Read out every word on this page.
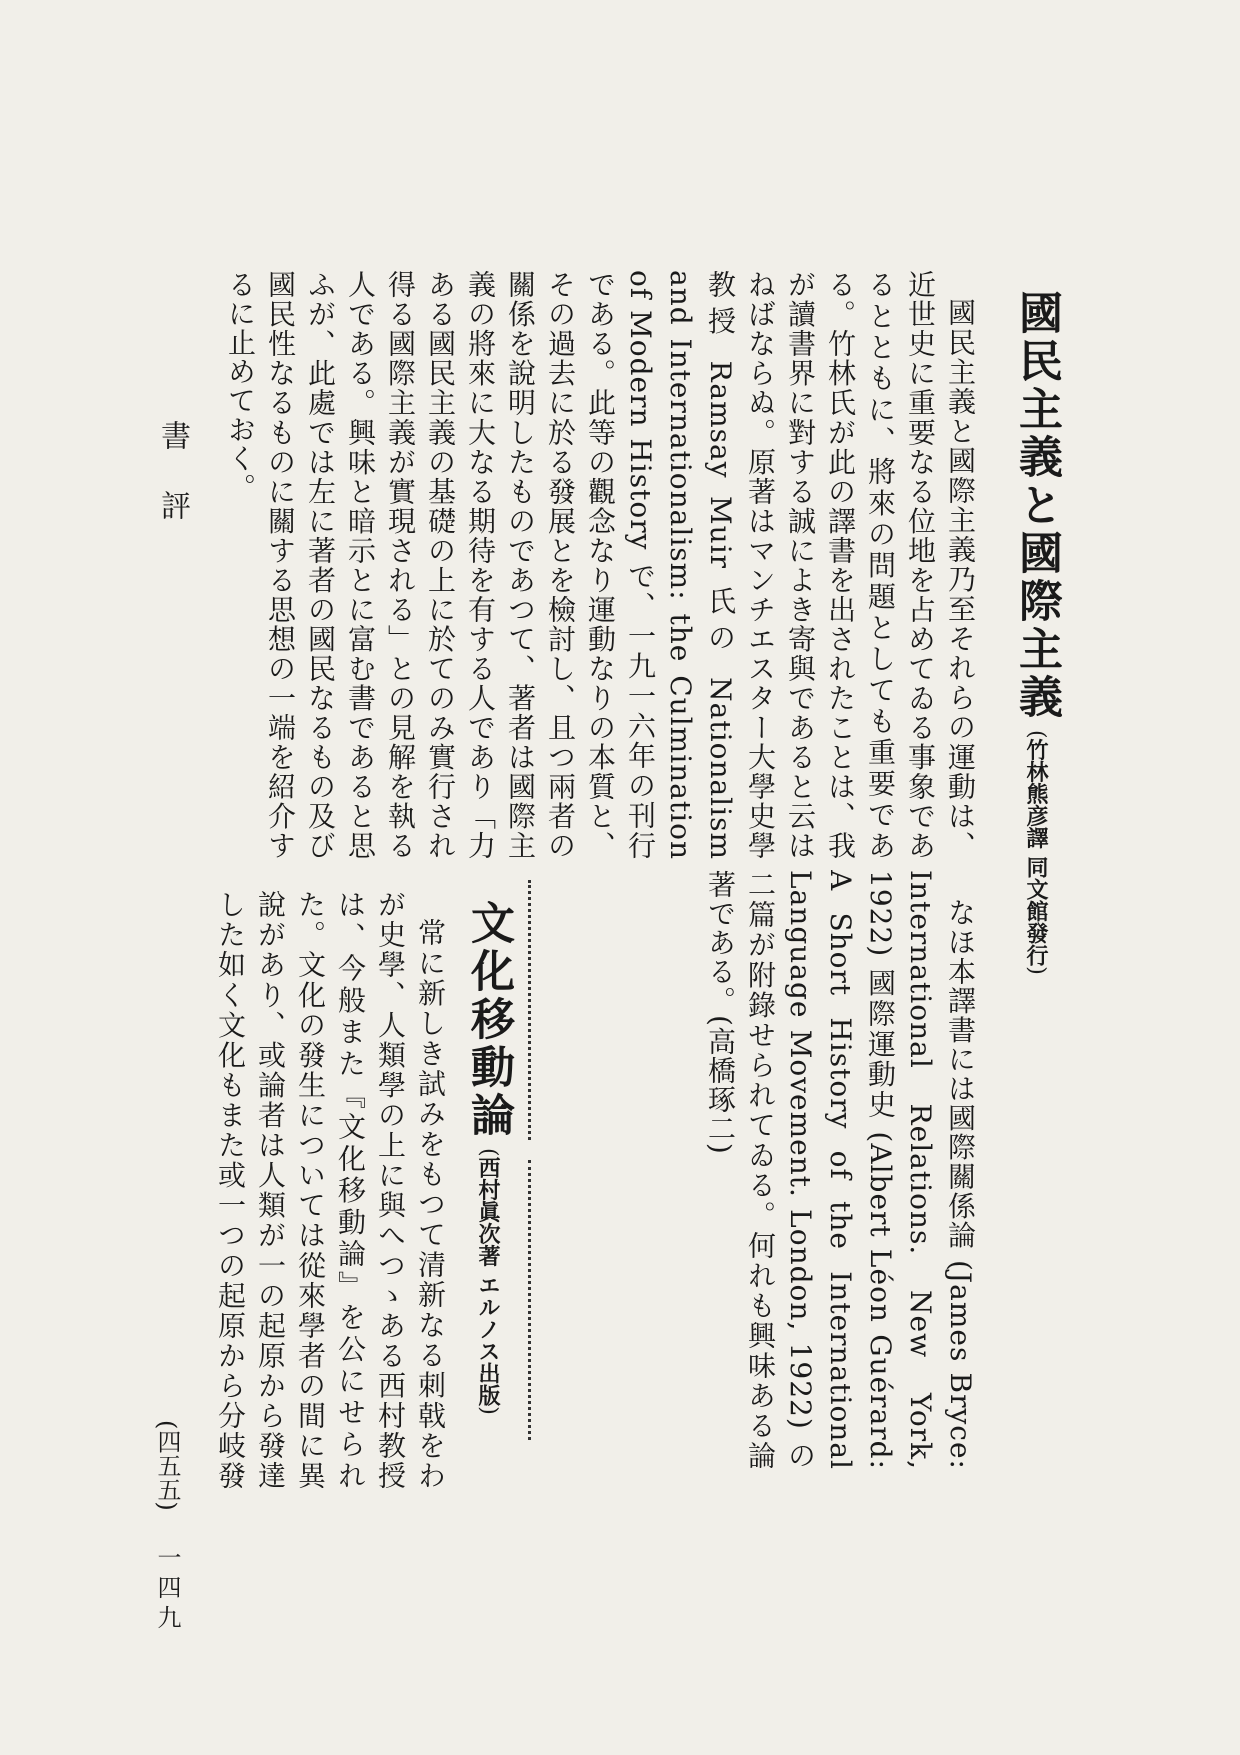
國民主義と國際主義(竹林熊彦譯 同文館發行)

國民主義と國際主義乃至それらの運動は、近世史に重要なる位地を占めてゐる事象であるとともに、將來の問題としても重要である。竹林氏が此の譯書を出されたことは、我が讀書界に對する誠によき寄與であると云はねばならぬ。原著はマンチエスター大學史學教授 Ramsay Muir 氏の Nationalism and Internationalism: the Culmination of Modern History で、一九一六年の刊行である。此等の觀念なり運動なりの本質と、その過去に於る發展とを檢討し、且つ兩者の關係を說明したものであつて、著者は國際主義の將來に大なる期待を有する人であり「力ある國民主義の基礎の上に於てのみ實行され得る國際主義が實現される」との見解を執る人である。興味と暗示とに富む書であると思ふが、此處では左に著者の國民なるもの及び國民性なるものに關する思想の一端を紹介するに止めておく。

なほ本譯書には國際關係論 (James Bryce: International Relations. New York, 1922) 國際運動史 (Albert Léon Guérard: A Short History of the International Language Movement. London, 1922) の二篇が附錄せられてゐる。何れも興味ある論著である。(高橋琢二)

文化移動論(西村眞次著 エルノス出版)

常に新しき試みをもつて清新なる刺戟をわが史學、人類學の上に與へつゝある西村教授は、今般また『文化移動論』を公にせられた。文化の發生については從來學者の間に異說があり、或論者は人類が一の起原から發達した如く文化もまた或一つの起原から分岐發

書評
(四五五)
一四九
